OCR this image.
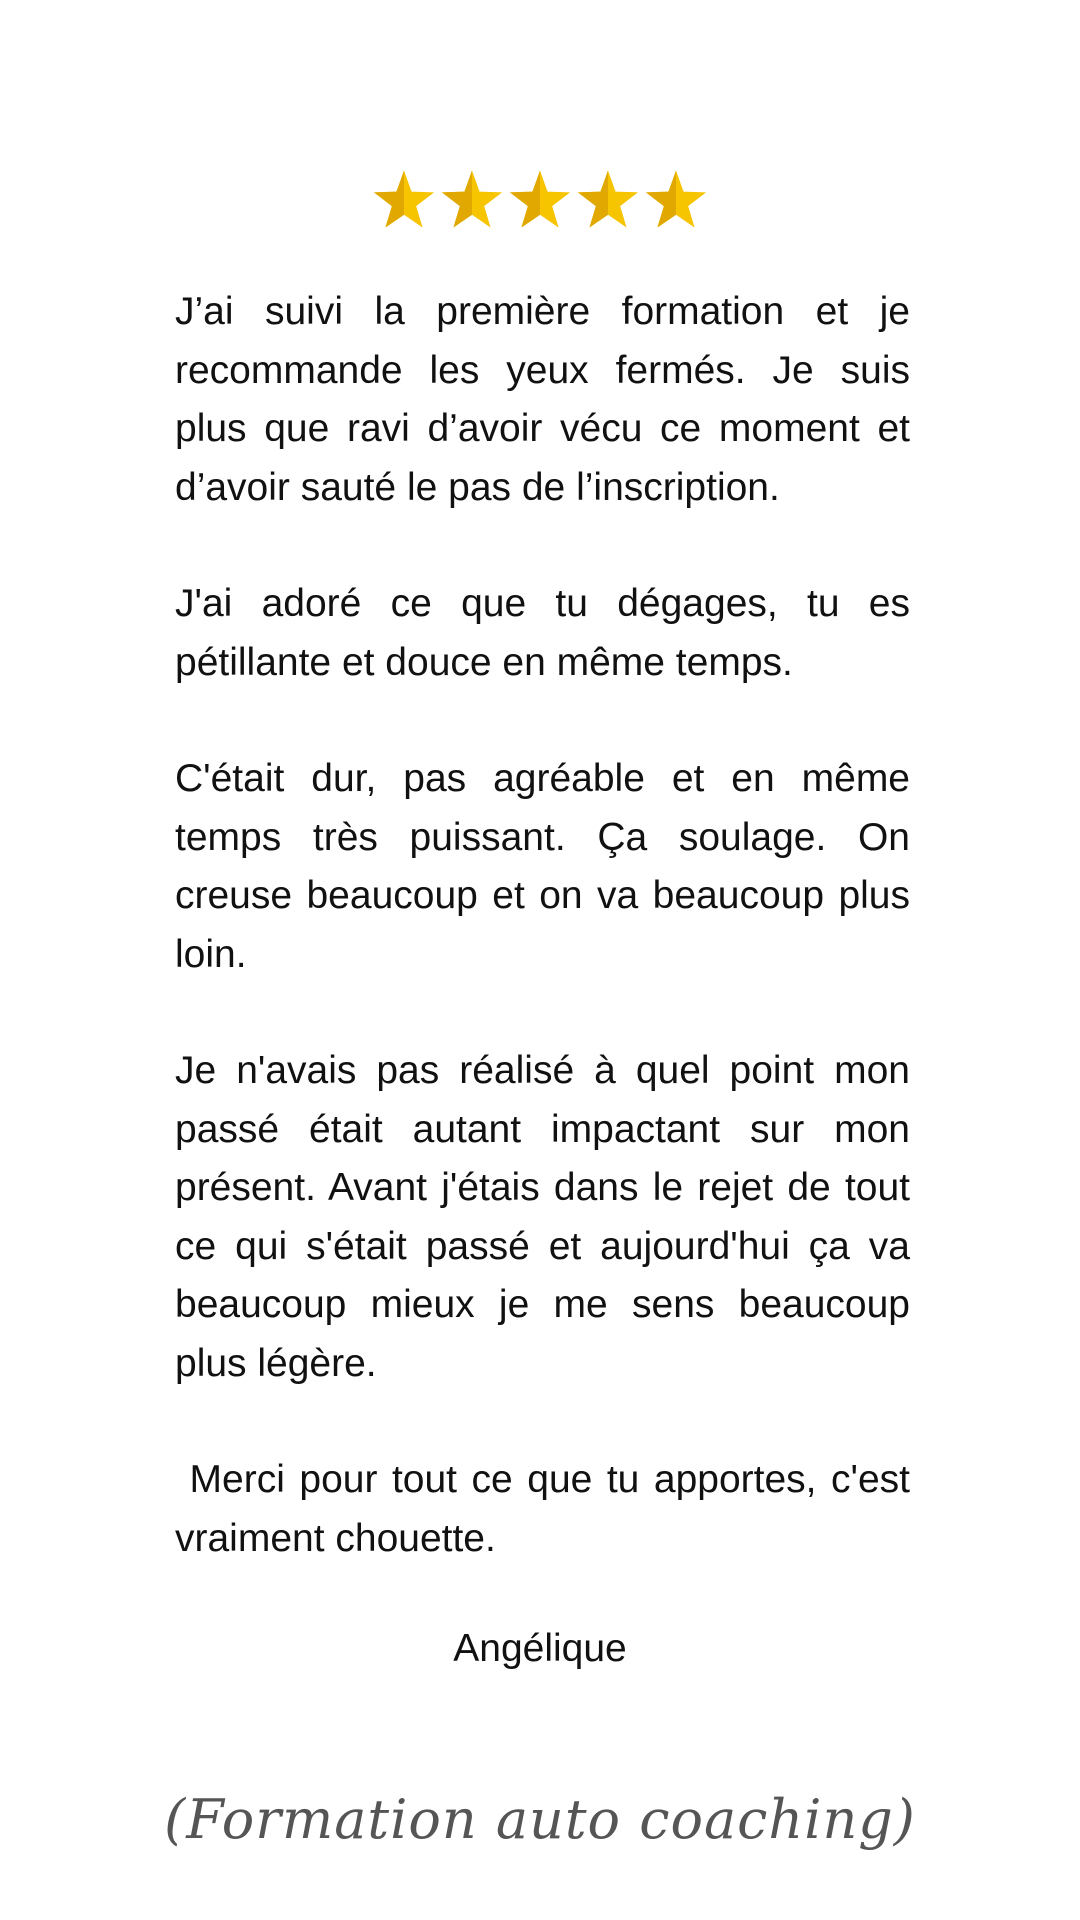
J’ai suivi la première formation et je recommande les yeux fermés. Je suis plus que ravi d’avoir vécu ce moment et d’avoir sauté le pas de l’inscription.

J'ai adoré ce que tu dégages, tu es pétillante et douce en même temps.

C'était dur, pas agréable et en même temps très puissant. Ça soulage. On creuse beaucoup et on va beaucoup plus loin.

Je n'avais pas réalisé à quel point mon passé était autant impactant sur mon présent. Avant j'étais dans le rejet de tout ce qui s'était passé et aujourd'hui ça va beaucoup mieux je me sens beaucoup plus légère.

Merci pour tout ce que tu apportes, c'est vraiment chouette.

Angélique
(Formation auto coaching)
